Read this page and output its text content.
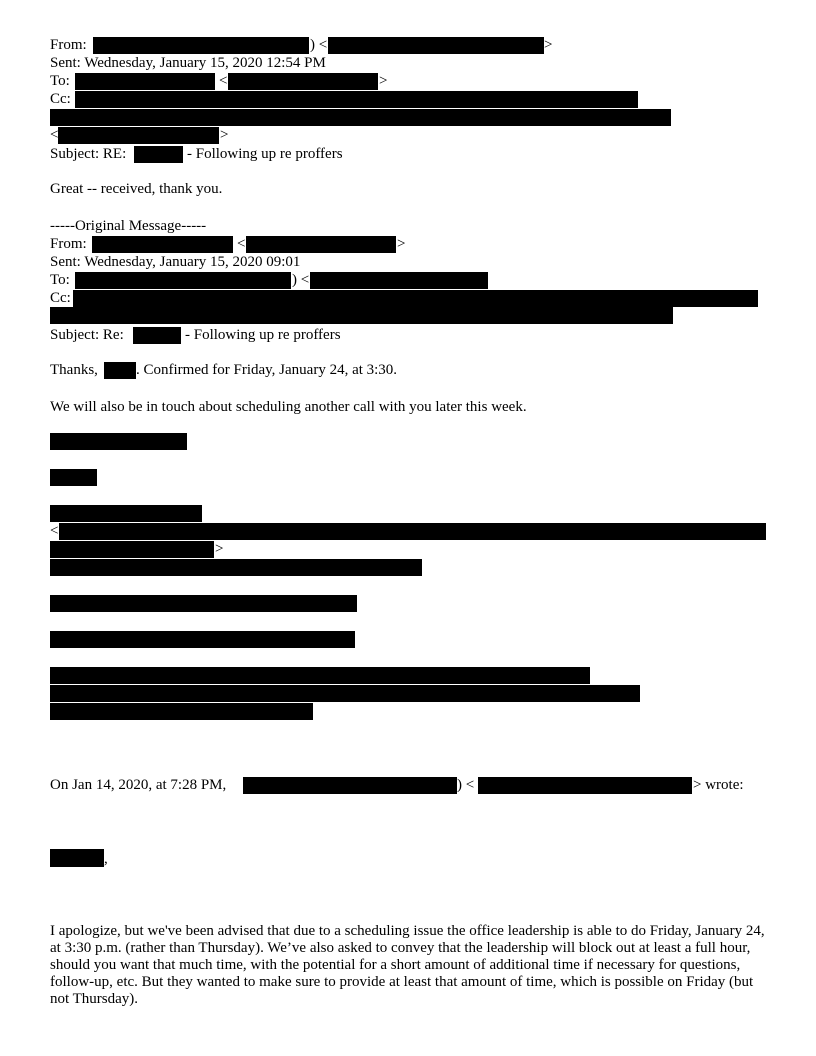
From:	) <	>
Sent: Wednesday, January 15, 2020 12:54 PM
To:	<	>
Cc:
<	>
Subject: RE:	- Following up re proffers
Great -- received, thank you.
-----Original Message-----
From:	<	>
Sent: Wednesday, January 15, 2020 09:01
To:	) <
Cc:
Subject: Re:	- Following up re proffers
Thanks,	. Confirmed for Friday, January 24, at 3:30.
We will also be in touch about scheduling another call with you later this week.
<
>
On Jan 14, 2020, at 7:28 PM,	) <	> wrote:
,
I apologize, but we've been advised that due to a scheduling issue the office leadership is able to do Friday, January 24, at 3:30 p.m. (rather than Thursday). We’ve also asked to convey that the leadership will block out at least a full hour, should you want that much time, with the potential for a short amount of additional time if necessary for questions, follow-up, etc. But they wanted to make sure to provide at least that amount of time, which is possible on Friday (but not Thursday).
